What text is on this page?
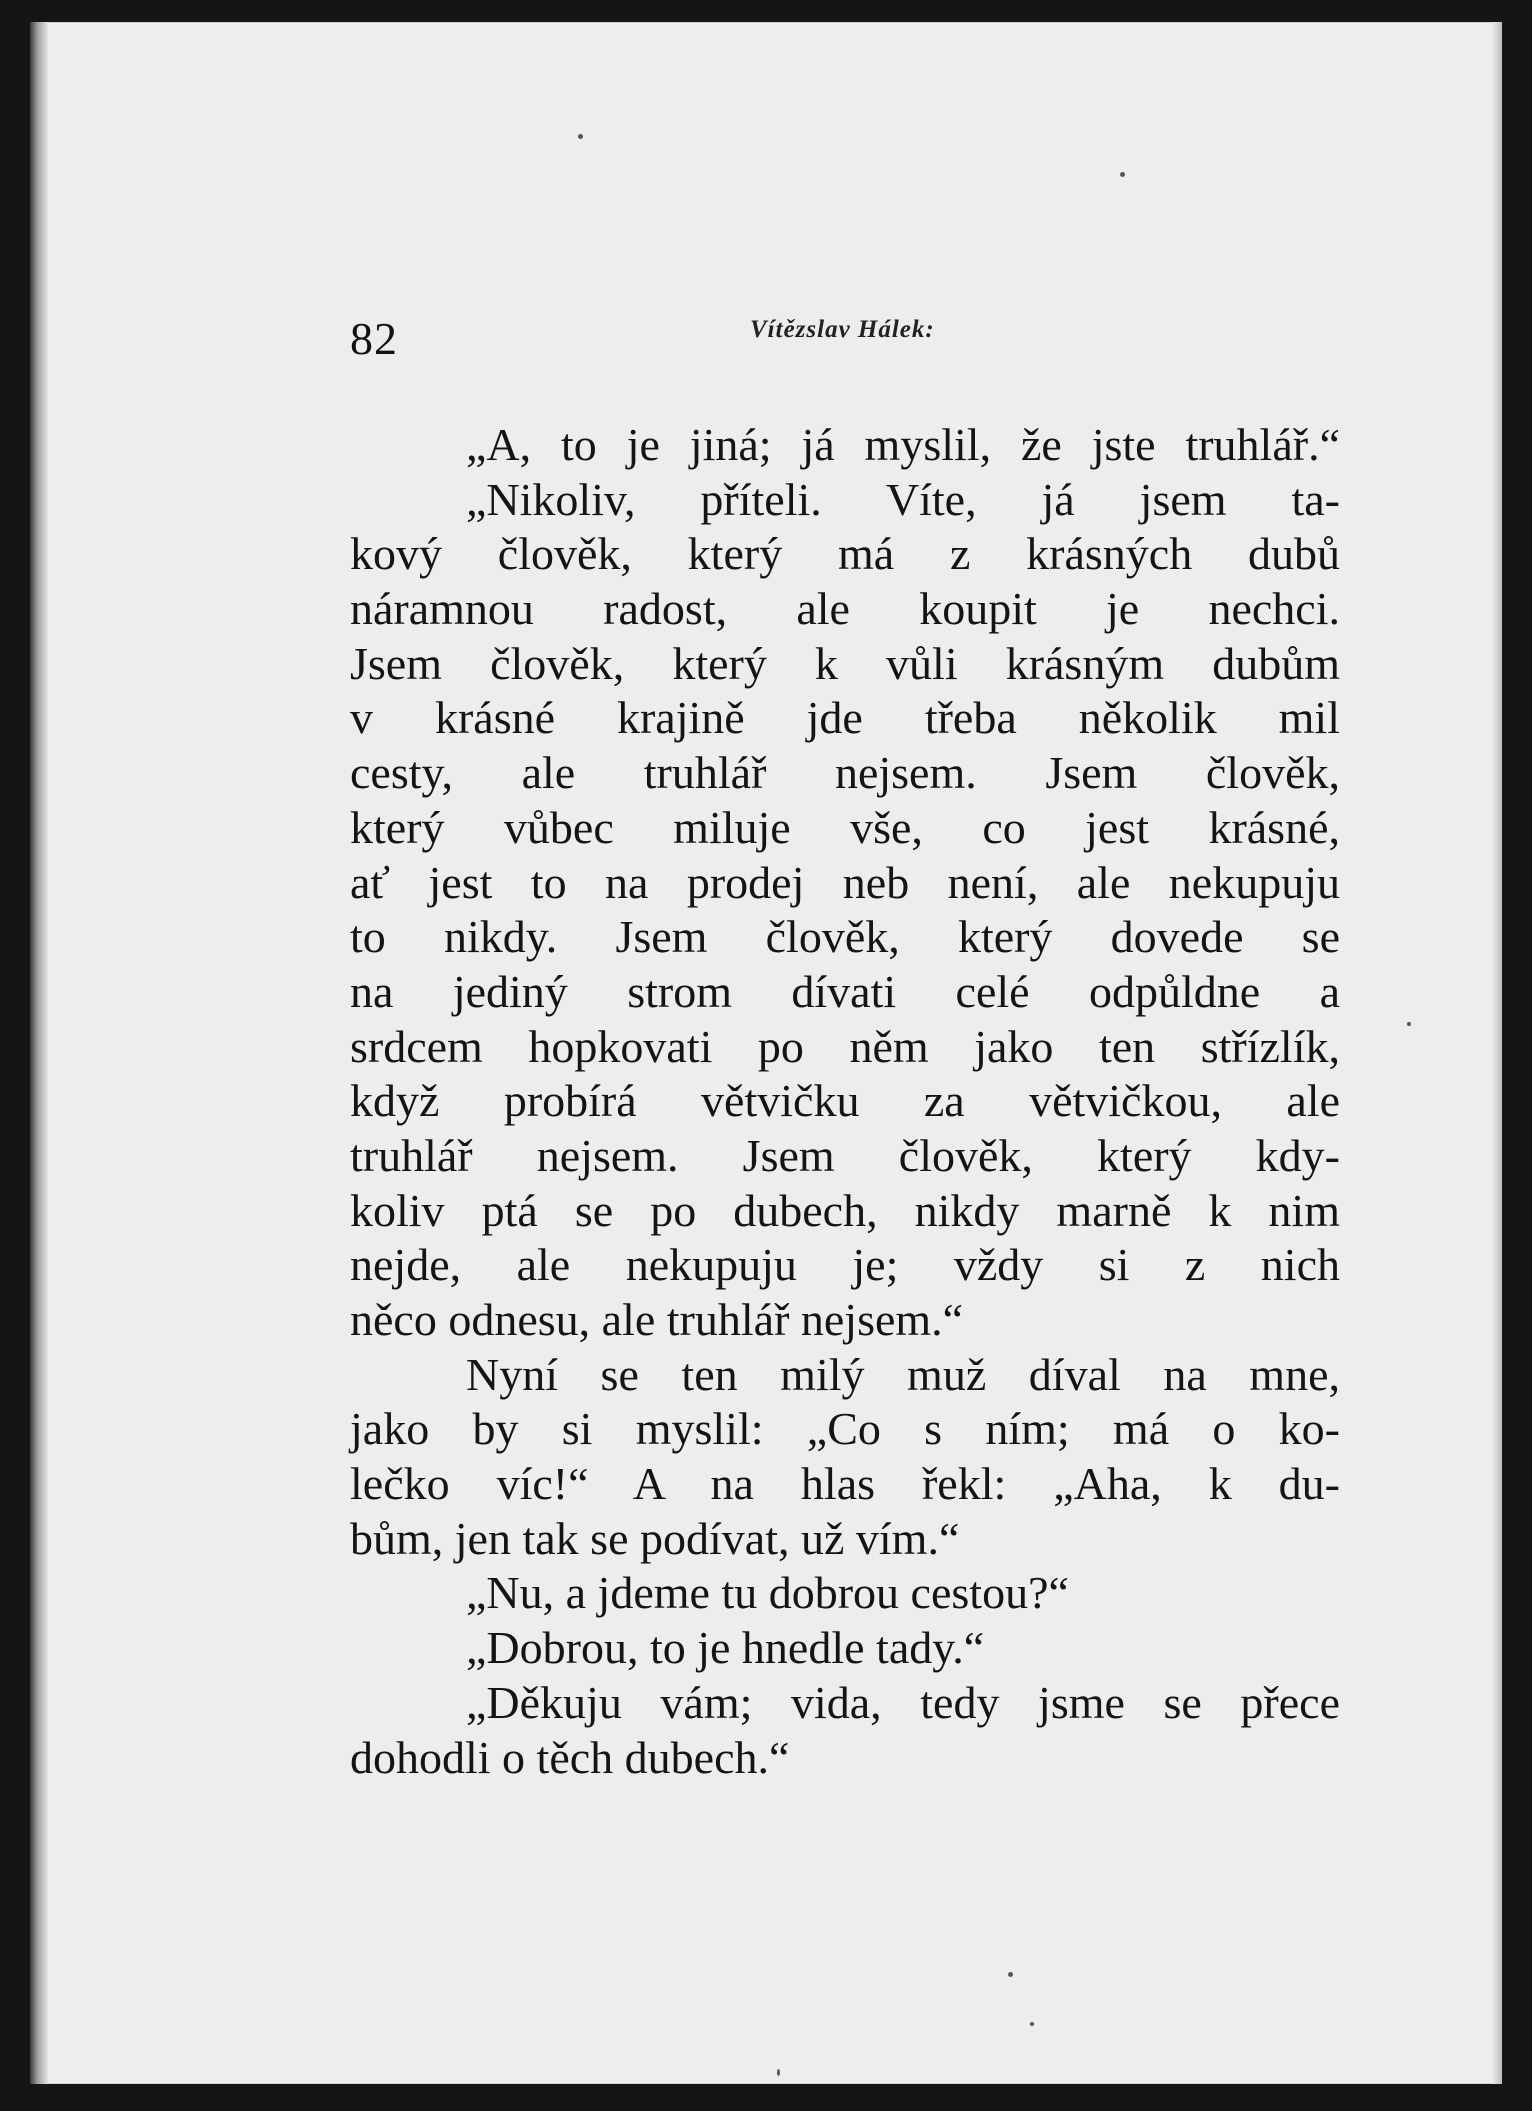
82	Vítězslav Hálek:
„A, to je jiná; já myslil, že jste truhlář.“
„Nikoliv, příteli. Víte, já jsem ta-
kový člověk, který má z krásných dubů
náramnou radost, ale koupit je nechci.
Jsem člověk, který k vůli krásným dubům
v krásné krajině jde třeba několik mil
cesty, ale truhlář nejsem. Jsem člověk,
který vůbec miluje vše, co jest krásné,
ať jest to na prodej neb není, ale nekupuju
to nikdy. Jsem člověk, který dovede se
na jediný strom dívati celé odpůldne a
srdcem hopkovati po něm jako ten střízlík,
když probírá větvičku za větvičkou, ale
truhlář nejsem. Jsem člověk, který kdy-
koliv ptá se po dubech, nikdy marně k nim
nejde, ale nekupuju je; vždy si z nich
něco odnesu, ale truhlář nejsem.“
Nyní se ten milý muž díval na mne,
jako by si myslil: „Co s ním; má o ko-
lečko víc!“ A na hlas řekl: „Aha, k du-
bům, jen tak se podívat, už vím.“
„Nu, a jdeme tu dobrou cestou?“
„Dobrou, to je hnedle tady.“
„Děkuju vám; vida, tedy jsme se přece
dohodli o těch dubech.“
